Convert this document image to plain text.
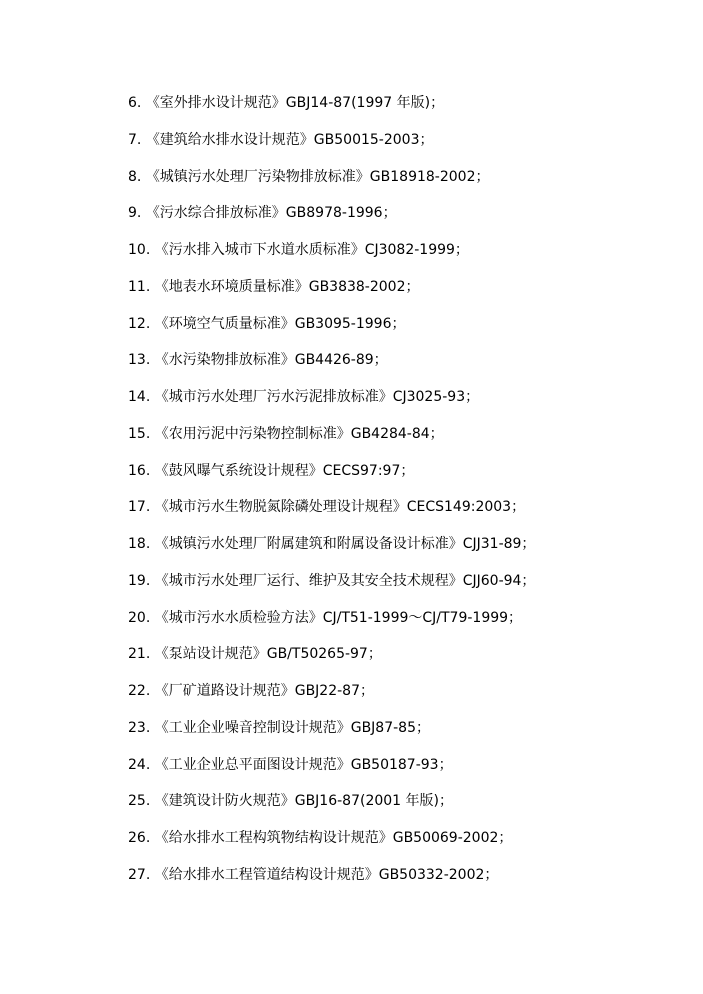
6. 《室外排水设计规范》GBJ14-87(1997 年版)；
7. 《建筑给水排水设计规范》GB50015-2003；
8. 《城镇污水处理厂污染物排放标准》GB18918-2002；
9. 《污水综合排放标准》GB8978-1996；
10. 《污水排入城市下水道水质标准》CJ3082-1999；
11. 《地表水环境质量标准》GB3838-2002；
12. 《环境空气质量标准》GB3095-1996；
13. 《水污染物排放标准》GB4426-89；
14. 《城市污水处理厂污水污泥排放标准》CJ3025-93；
15. 《农用污泥中污染物控制标准》GB4284-84；
16. 《鼓风曝气系统设计规程》CECS97:97；
17. 《城市污水生物脱氮除磷处理设计规程》CECS149:2003；
18. 《城镇污水处理厂附属建筑和附属设备设计标准》CJJ31-89；
19. 《城市污水处理厂运行、维护及其安全技术规程》CJJ60-94；
20. 《城市污水水质检验方法》CJ/T51-1999～CJ/T79-1999；
21. 《泵站设计规范》GB/T50265-97；
22. 《厂矿道路设计规范》GBJ22-87；
23. 《工业企业噪音控制设计规范》GBJ87-85；
24. 《工业企业总平面图设计规范》GB50187-93；
25. 《建筑设计防火规范》GBJ16-87(2001 年版)；
26. 《给水排水工程构筑物结构设计规范》GB50069-2002；
27. 《给水排水工程管道结构设计规范》GB50332-2002；
